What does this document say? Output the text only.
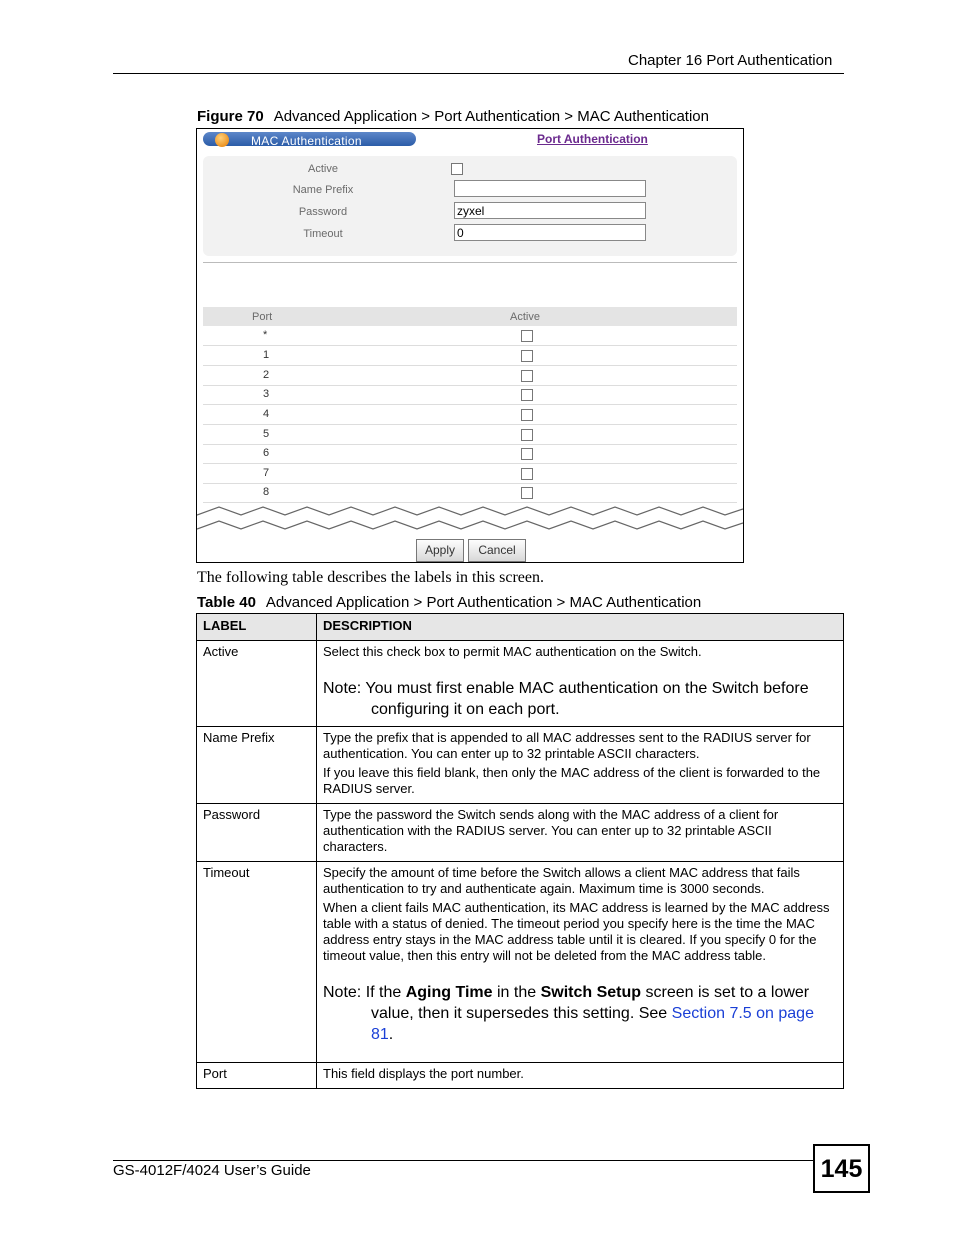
Chapter 16 Port Authentication
Figure 70 Advanced Application > Port Authentication > MAC Authentication
MAC Authentication	Port Authentication
Active
Name Prefix
Password	zyxel
Timeout	0
Port	Active
*
1
2
3
4
5
6
7
8
Apply	Cancel
The following table describes the labels in this screen.
Table 40 Advanced Application > Port Authentication > MAC Authentication
LABEL	DESCRIPTION
Active	Select this check box to permit MAC authentication on the Switch.
Note: You must first enable MAC authentication on the Switch before configuring it on each port.

Name Prefix	Type the prefix that is appended to all MAC addresses sent to the RADIUS server for authentication. You can enter up to 32 printable ASCII characters.
If you leave this field blank, then only the MAC address of the client is forwarded to the RADIUS server.

Password	Type the password the Switch sends along with the MAC address of a client for authentication with the RADIUS server. You can enter up to 32 printable ASCII characters.
Timeout	Specify the amount of time before the Switch allows a client MAC address that fails authentication to try and authenticate again. Maximum time is 3000 seconds.
When a client fails MAC authentication, its MAC address is learned by the MAC address table with a status of denied. The timeout period you specify here is the time the MAC address entry stays in the MAC address table until it is cleared. If you specify 0 for the timeout value, then this entry will not be deleted from the MAC address table.
Note: If the Aging Time in the Switch Setup screen is set to a lower value, then it supersedes this setting. See Section 7.5 on page 81.

Port	This field displays the port number.
GS-4012F/4024 User’s Guide	145
